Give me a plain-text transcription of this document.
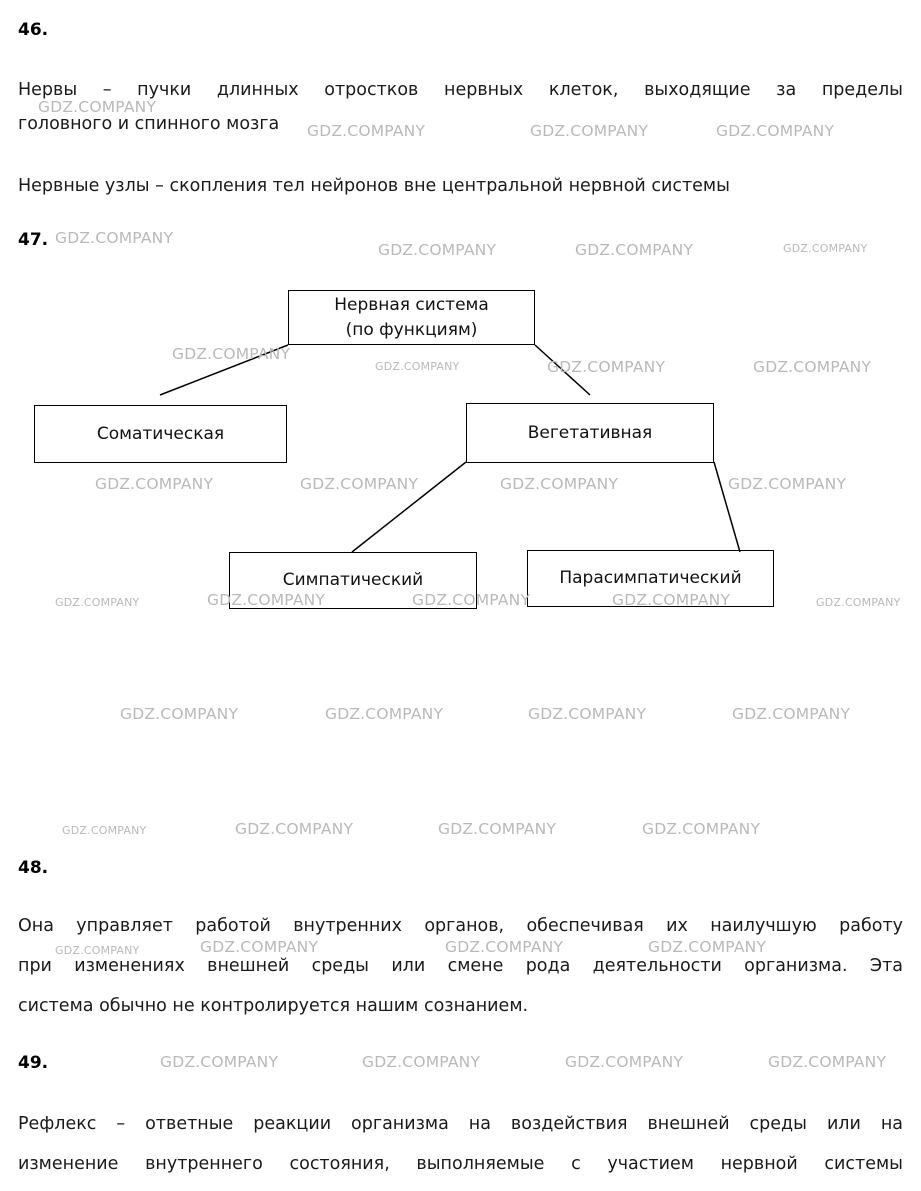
46.
Нервы – пучки длинных отростков нервных клеток, выходящие за пределы
головного и спинного мозга
Нервные узлы – скопления тел нейронов вне центральной нервной системы
47.
Нервная система
(по функциям)
Соматическая	Вегетативная
Симпатический	Парасимпатический
48.
Она управляет работой внутренних органов, обеспечивая их наилучшую работу
при изменениях внешней среды или смене рода деятельности организма. Эта
система обычно не контролируется нашим сознанием.
49.
Рефлекс – ответные реакции организма на воздействия внешней среды или на
изменение внутреннего состояния, выполняемые с участием нервной системы
GDZ.COMPANY
GDZ.COMPANY	GDZ.COMPANY	GDZ.COMPANY
GDZ.COMPANY
GDZ.COMPANY	GDZ.COMPANY	GDZ.COMPANY
GDZ.COMPANY
GDZ.COMPANY	GDZ.COMPANY
GDZ.COMPANY
GDZ.COMPANY	GDZ.COMPANY	GDZ.COMPANY	GDZ.COMPANY
GDZ.COMPANY	GDZ.COMPANY	GDZ.COMPANY	GDZ.COMPANY	GDZ.COMPANY
GDZ.COMPANY	GDZ.COMPANY	GDZ.COMPANY	GDZ.COMPANY
GDZ.COMPANY	GDZ.COMPANY	GDZ.COMPANY	GDZ.COMPANY
GDZ.COMPANY	GDZ.COMPANY	GDZ.COMPANY	GDZ.COMPANY
GDZ.COMPANY	GDZ.COMPANY	GDZ.COMPANY	GDZ.COMPANY
